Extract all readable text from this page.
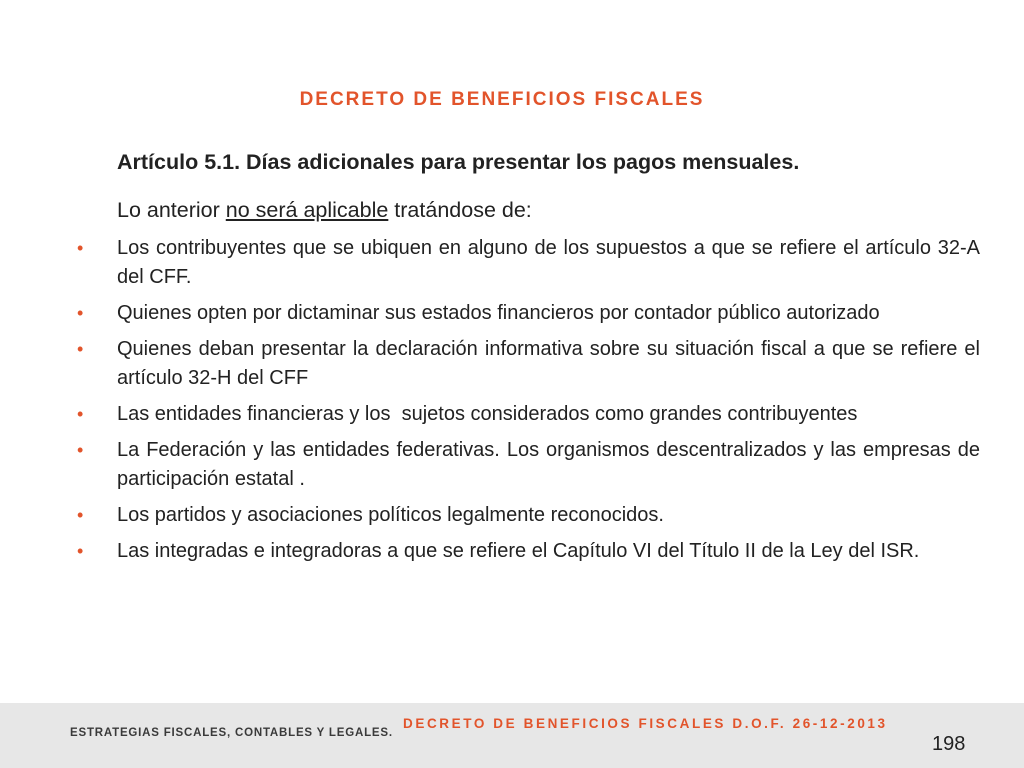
DECRETO DE BENEFICIOS FISCALES
Artículo 5.1. Días adicionales para presentar los pagos mensuales.
Lo anterior no será aplicable tratándose de:
• Los contribuyentes que se ubiquen en alguno de los supuestos a que se refiere el artículo 32-A del CFF.
• Quienes opten por dictaminar sus estados financieros por contador público autorizado
• Quienes deban presentar la declaración informativa sobre su situación fiscal a que se refiere el artículo 32-H del CFF
• Las entidades financieras y los  sujetos considerados como grandes contribuyentes
• La Federación y las entidades federativas. Los organismos descentralizados y las empresas de participación estatal .
• Los partidos y asociaciones políticos legalmente reconocidos.
• Las integradas e integradoras a que se refiere el Capítulo VI del Título II de la Ley del ISR.
ESTRATEGIAS FISCALES, CONTABLES Y LEGALES.
DECRETO DE BENEFICIOS FISCALES D.O.F. 26-12-2013
198
